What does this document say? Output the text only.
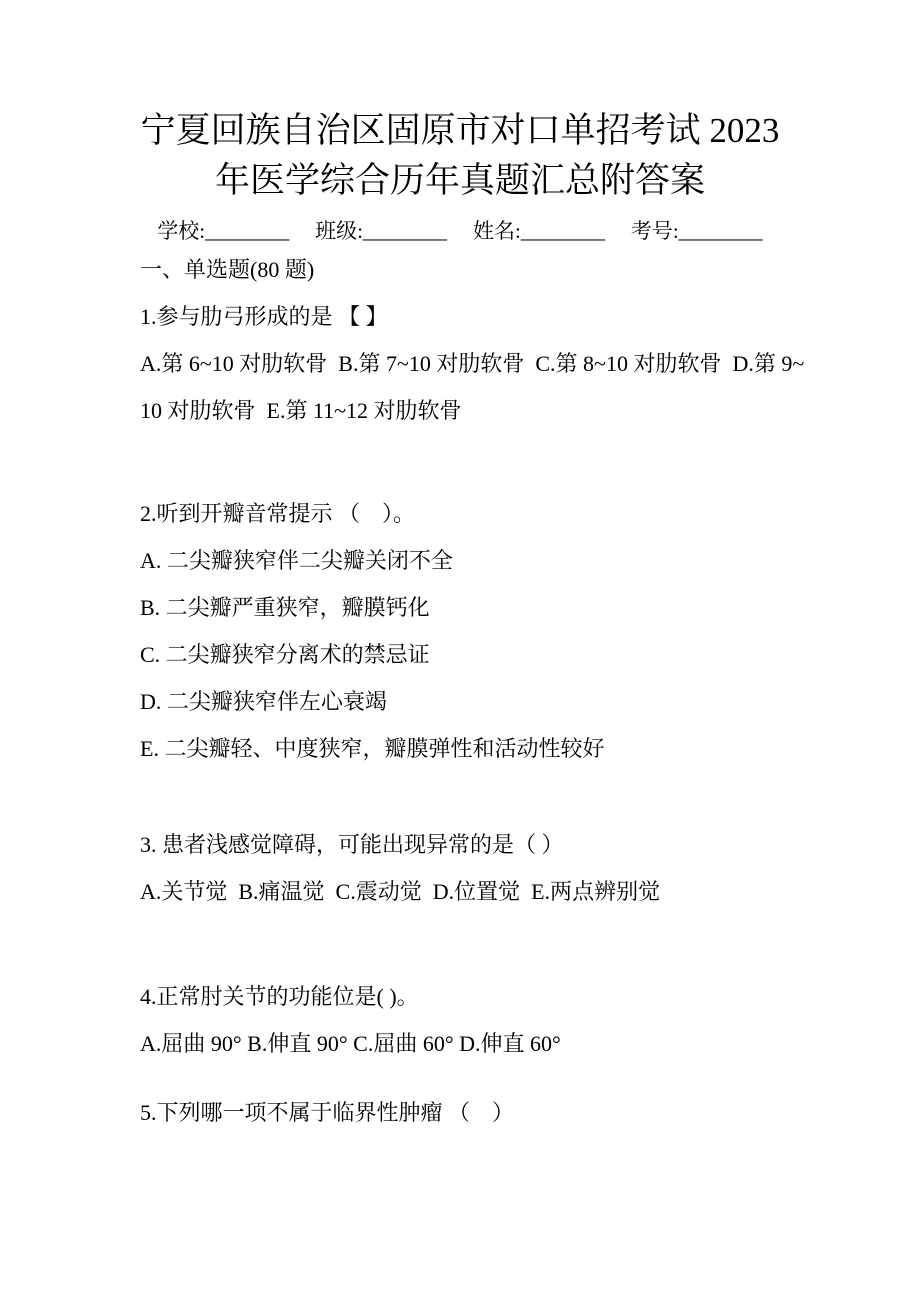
宁夏回族自治区固原市对口单招考试 2023
年医学综合历年真题汇总附答案
学校:________ 班级:________ 姓名:________ 考号:________

一、单选题(80 题)

1.参与肋弓形成的是 【 】

A.第 6~10 对肋软骨  B.第 7~10 对肋软骨  C.第 8~10 对肋软骨  D.第 9~

10 对肋软骨  E.第 11~12 对肋软骨

2.听到开瓣音常提示 （    ）。

A. 二尖瓣狭窄伴二尖瓣关闭不全

B. 二尖瓣严重狭窄，瓣膜钙化

C. 二尖瓣狭窄分离术的禁忌证

D. 二尖瓣狭窄伴左心衰竭

E. 二尖瓣轻、中度狭窄，瓣膜弹性和活动性较好

3. 患者浅感觉障碍，可能出现异常的是（ ）

A.关节觉  B.痛温觉  C.震动觉  D.位置觉  E.两点辨别觉

4.正常肘关节的功能位是( )。

A.屈曲 90° B.伸直 90° C.屈曲 60° D.伸直 60°

5.下列哪一项不属于临界性肿瘤 （    ）
